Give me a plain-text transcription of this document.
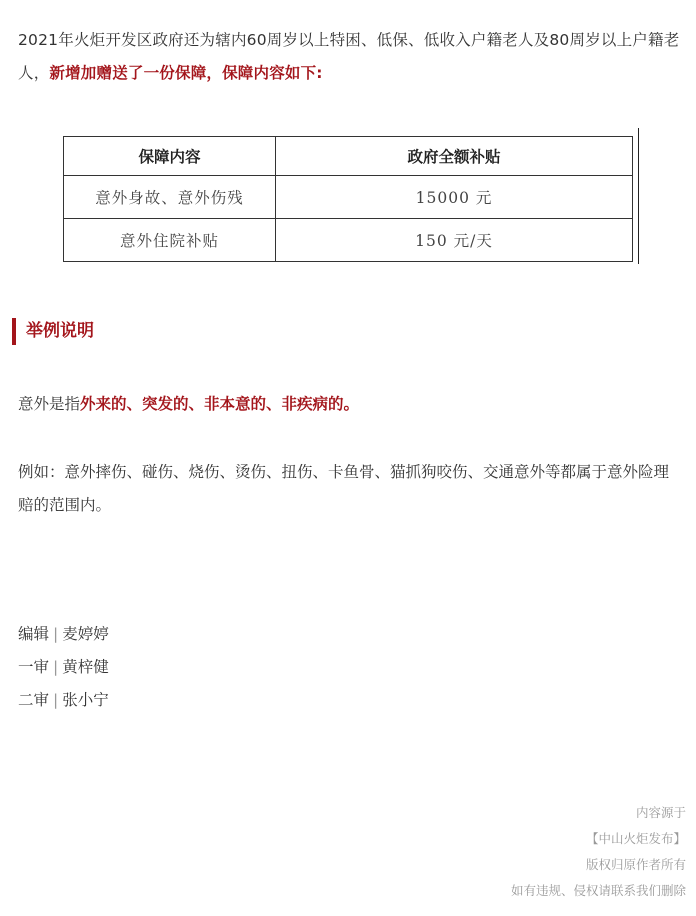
2021年火炬开发区政府还为辖内60周岁以上特困、低保、低收入户籍老人及80周岁以上户籍老人，新增加赠送了一份保障，保障内容如下:
保障内容	政府全额补贴
意外身故、意外伤残	15000 元
意外住院补贴	150 元/天
举例说明
意外是指外来的、突发的、非本意的、非疾病的。
例如：意外摔伤、碰伤、烧伤、烫伤、扭伤、卡鱼骨、猫抓狗咬伤、交通意外等都属于意外险理赔的范围内。
编辑 | 麦婷婷
一审 | 黄梓健
二审 | 张小宁
内容源于
【中山火炬发布】
版权归原作者所有
如有违规、侵权请联系我们删除
